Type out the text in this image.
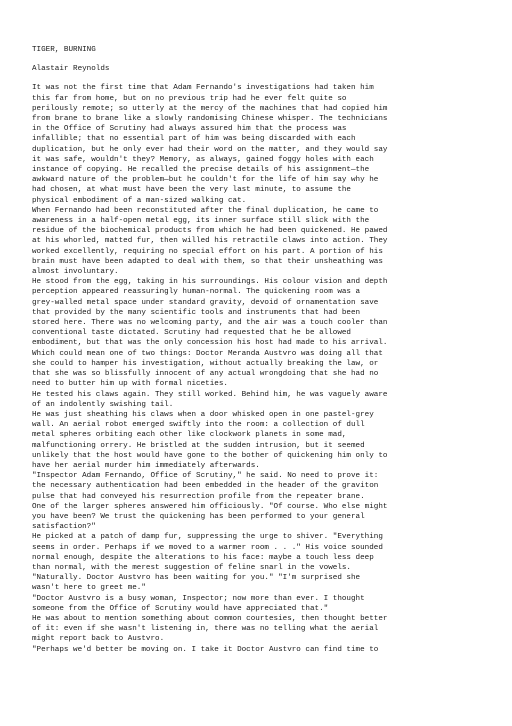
TIGER, BURNING

Alastair Reynolds

It was not the first time that Adam Fernando's investigations had taken him
this far from home, but on no previous trip had he ever felt quite so
perilously remote; so utterly at the mercy of the machines that had copied him
from brane to brane like a slowly randomising Chinese whisper. The technicians
in the Office of Scrutiny had always assured him that the process was
infallible; that no essential part of him was being discarded with each
duplication, but he only ever had their word on the matter, and they would say
it was safe, wouldn't they? Memory, as always, gained foggy holes with each
instance of copying. He recalled the precise details of his assignment—the
awkward nature of the problem—but he couldn't for the life of him say why he
had chosen, at what must have been the very last minute, to assume the
physical embodiment of a man-sized walking cat.

When Fernando had been reconstituted after the final duplication, he came to
awareness in a half-open metal egg, its inner surface still slick with the
residue of the biochemical products from which he had been quickened. He pawed
at his whorled, matted fur, then willed his retractile claws into action. They
worked excellently, requiring no special effort on his part. A portion of his
brain must have been adapted to deal with them, so that their unsheathing was
almost involuntary.

He stood from the egg, taking in his surroundings. His colour vision and depth
perception appeared reassuringly human-normal. The quickening room was a
grey-walled metal space under standard gravity, devoid of ornamentation save
that provided by the many scientific tools and instruments that had been
stored here. There was no welcoming party, and the air was a touch cooler than
conventional taste dictated. Scrutiny had requested that he be allowed
embodiment, but that was the only concession his host had made to his arrival.
Which could mean one of two things: Doctor Meranda Austvro was doing all that
she could to hamper his investigation, without actually breaking the law, or
that she was so blissfully innocent of any actual wrongdoing that she had no
need to butter him up with formal niceties.

He tested his claws again. They still worked. Behind him, he was vaguely aware
of an indolently swishing tail.

He was just sheathing his claws when a door whisked open in one pastel-grey
wall. An aerial robot emerged swiftly into the room: a collection of dull
metal spheres orbiting each other like clockwork planets in some mad,
malfunctioning orrery. He bristled at the sudden intrusion, but it seemed
unlikely that the host would have gone to the bother of quickening him only to
have her aerial murder him immediately afterwards.

"Inspector Adam Fernando, Office of Scrutiny," he said. No need to prove it:
the necessary authentication had been embedded in the header of the graviton
pulse that had conveyed his resurrection profile from the repeater brane.

One of the larger spheres answered him officiously. "Of course. Who else might
you have been? We trust the quickening has been performed to your general
satisfaction?"

He picked at a patch of damp fur, suppressing the urge to shiver. "Everything
seems in order. Perhaps if we moved to a warmer room . . ." His voice sounded
normal enough, despite the alterations to his face: maybe a touch less deep
than normal, with the merest suggestion of feline snarl in the vowels.

"Naturally. Doctor Austvro has been waiting for you." "I'm surprised she
wasn't here to greet me."

"Doctor Austvro is a busy woman, Inspector; now more than ever. I thought
someone from the Office of Scrutiny would have appreciated that."

He was about to mention something about common courtesies, then thought better
of it: even if she wasn't listening in, there was no telling what the aerial
might report back to Austvro.

"Perhaps we'd better be moving on. I take it Doctor Austvro can find time to
